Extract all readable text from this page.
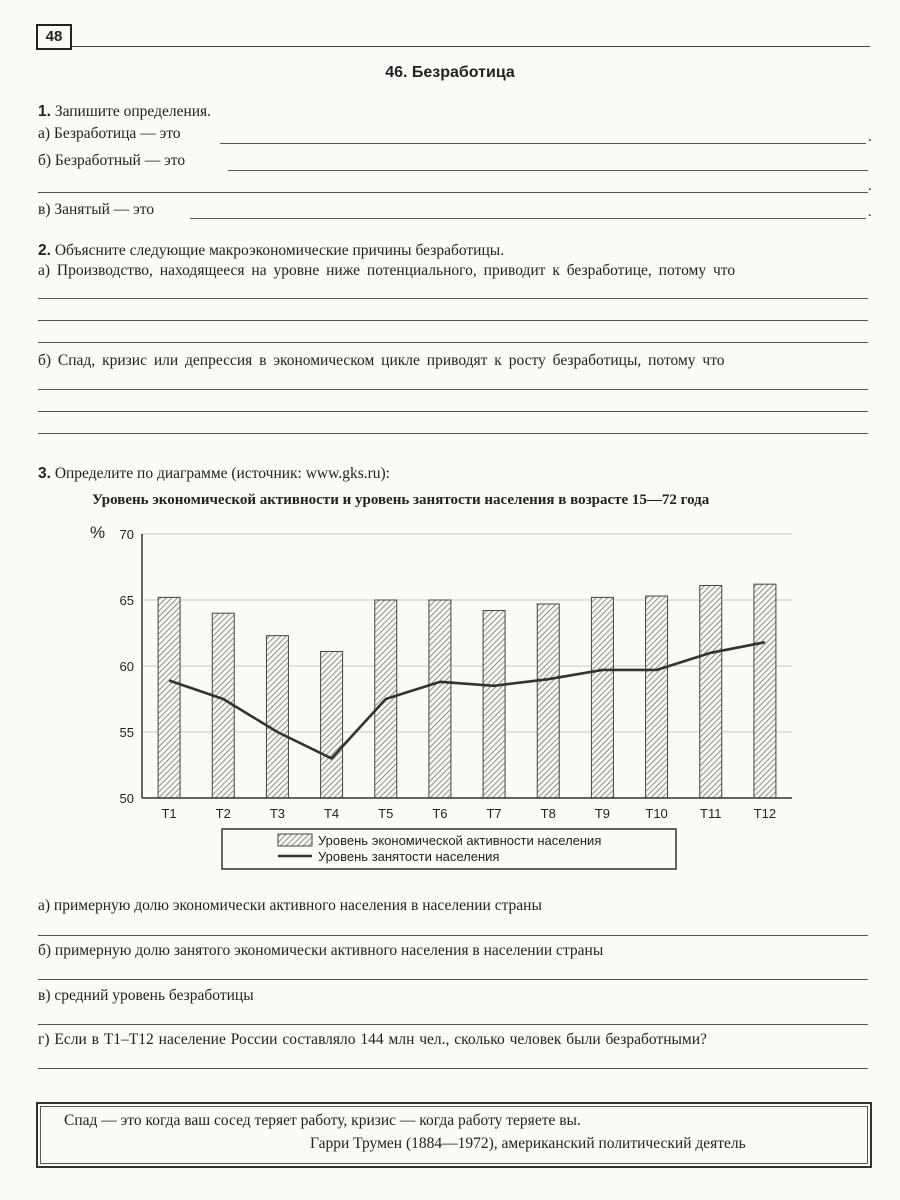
48
46. Безработица
1. Запишите определения.
а) Безработица — это	.
б) Безработный — это
.
в) Занятый — это	.
2. Объясните следующие макроэкономические причины безработицы.
а) Производство, находящееся на уровне ниже потенциального, приводит к безработице, потому что
б) Спад, кризис или депрессия в экономическом цикле приводят к росту безработицы, потому что
3. Определите по диаграмме (источник: www.gks.ru):
Уровень экономической активности и уровень занятости населения в возрасте 15—72 года
50
55
60
65
70
%
Т1	Т2	Т3	Т4	Т5	Т6	Т7	Т8	Т9	Т10 Т11 Т12
Уровень экономической активности населения
Уровень занятости населения
а) примерную долю экономически активного населения в населении страны
б) примерную долю занятого экономически активного населения в населении страны
в) средний уровень безработицы
г) Если в Т1–Т12 население России составляло 144 млн чел., сколько человек были безработными?
Спад — это когда ваш сосед теряет работу, кризис — когда работу теряете вы.
Гарри Трумен (1884—1972), американский политический деятель
